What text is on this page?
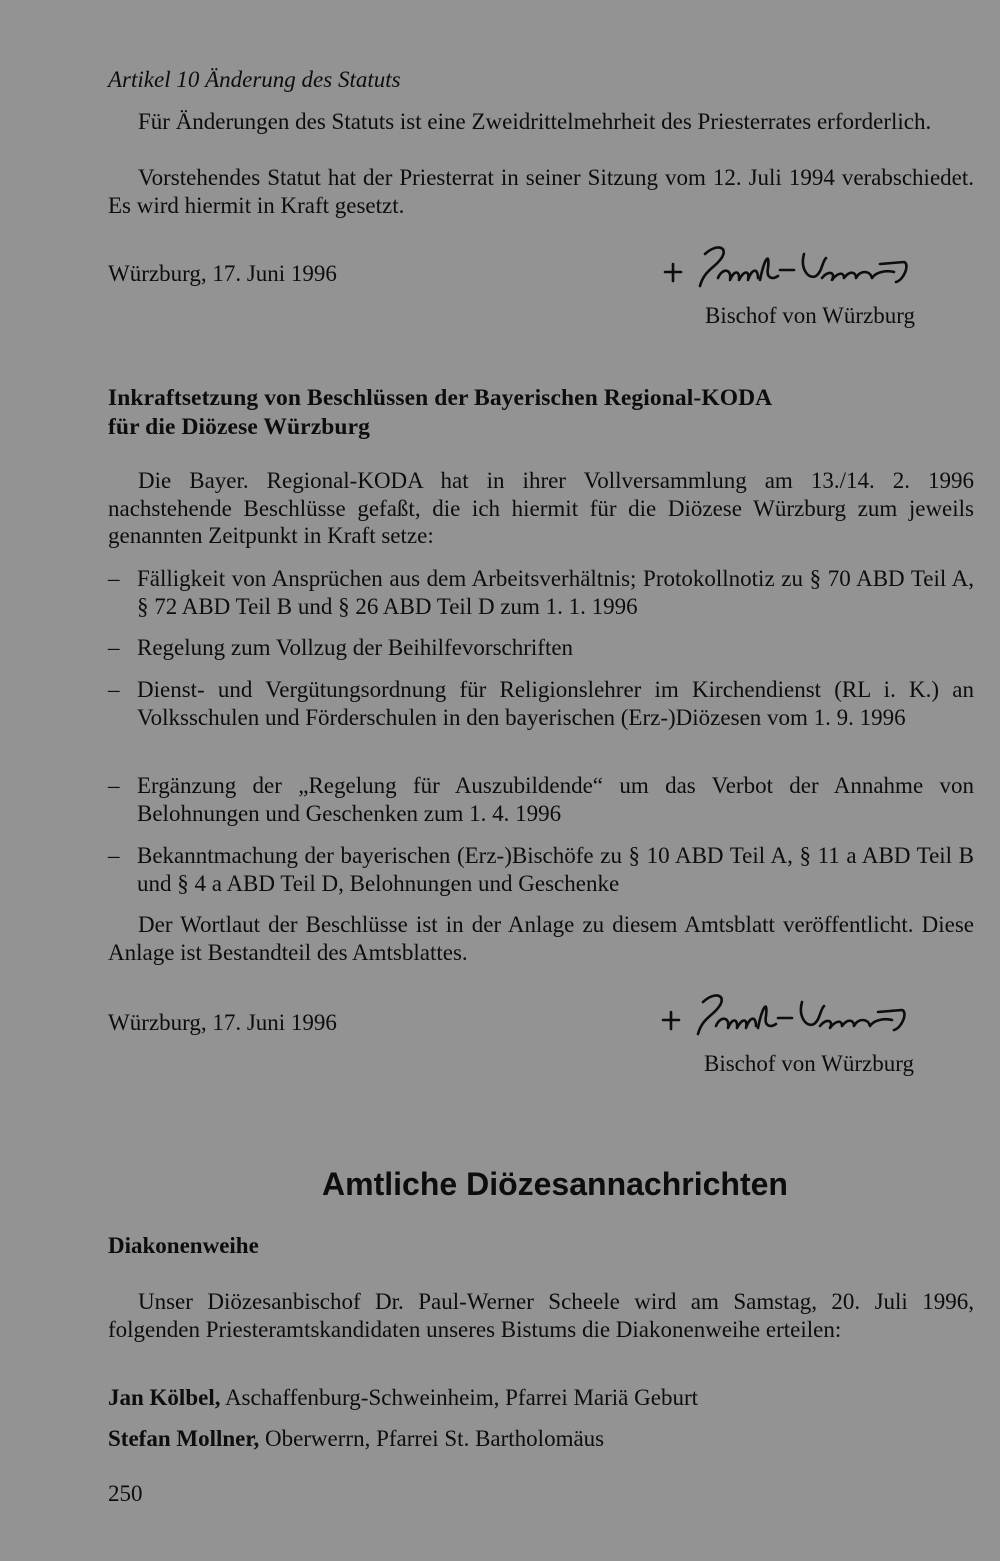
Artikel 10 Änderung des Statuts
Für Änderungen des Statuts ist eine Zweidrittelmehrheit des Priesterrates erforderlich.
Vorstehendes Statut hat der Priesterrat in seiner Sitzung vom 12. Juli 1994 verabschiedet. Es wird hiermit in Kraft gesetzt.
Würzburg, 17. Juni 1996
Bischof von Würzburg
Inkraftsetzung von Beschlüssen der Bayerischen Regional-KODA
für die Diözese Würzburg
Die Bayer. Regional-KODA hat in ihrer Vollversammlung am 13./14. 2. 1996 nachstehende Beschlüsse gefaßt, die ich hiermit für die Diözese Würzburg zum jeweils genannten Zeitpunkt in Kraft setze:
– Fälligkeit von Ansprüchen aus dem Arbeitsverhältnis; Protokollnotiz zu § 70 ABD Teil A, § 72 ABD Teil B und § 26 ABD Teil D zum 1. 1. 1996
– Regelung zum Vollzug der Beihilfevorschriften
– Dienst- und Vergütungsordnung für Religionslehrer im Kirchendienst (RL i. K.) an Volksschulen und Förderschulen in den bayerischen (Erz-)Diözesen vom 1. 9. 1996
– Ergänzung der „Regelung für Auszubildende“ um das Verbot der Annahme von Belohnungen und Geschenken zum 1. 4. 1996
– Bekanntmachung der bayerischen (Erz-)Bischöfe zu § 10 ABD Teil A, § 11 a ABD Teil B und § 4 a ABD Teil D, Belohnungen und Geschenke
Der Wortlaut der Beschlüsse ist in der Anlage zu diesem Amtsblatt veröffentlicht. Diese Anlage ist Bestandteil des Amtsblattes.
Würzburg, 17. Juni 1996
Bischof von Würzburg
Amtliche Diözesannachrichten
Diakonenweihe
Unser Diözesanbischof Dr. Paul-Werner Scheele wird am Samstag, 20. Juli 1996, folgenden Priesteramtskandidaten unseres Bistums die Diakonenweihe erteilen:
Jan Kölbel, Aschaffenburg-Schweinheim, Pfarrei Mariä Geburt
Stefan Mollner, Oberwerrn, Pfarrei St. Bartholomäus
250
